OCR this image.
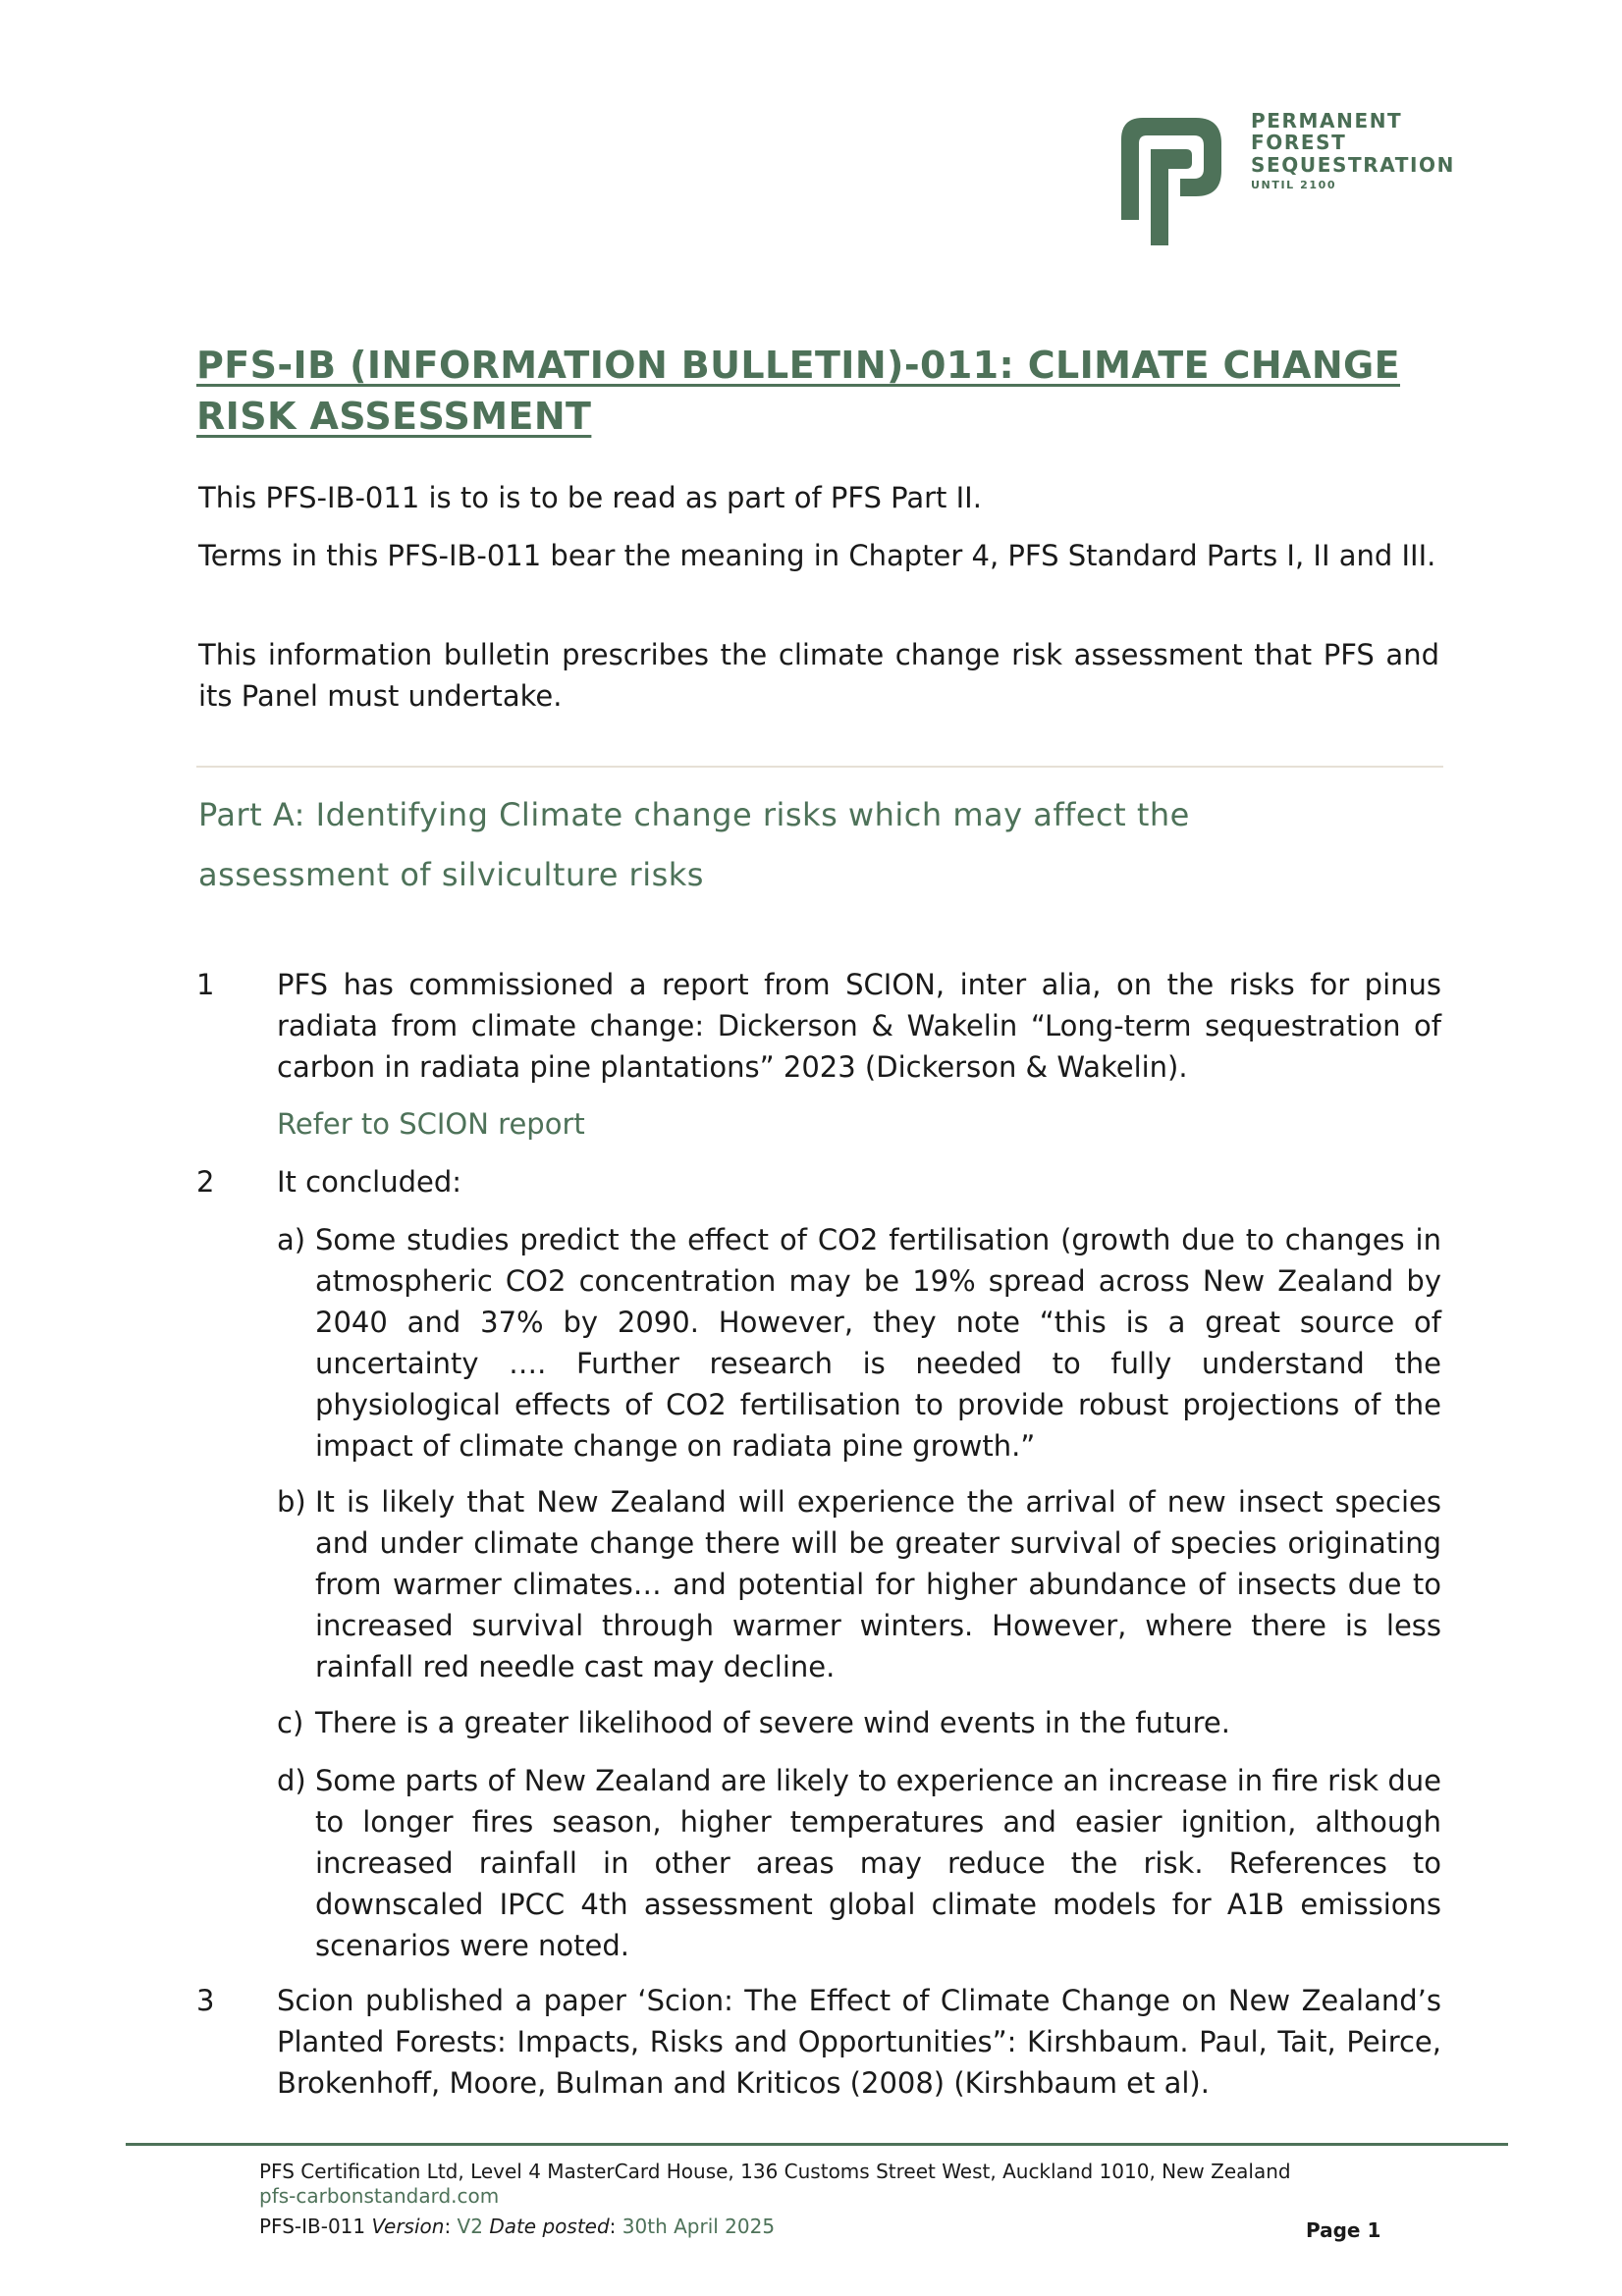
PERMANENT
FOREST
SEQUESTRATION
UNTIL 2100
PFS-IB (INFORMATION BULLETIN)-011: CLIMATE CHANGE RISK ASSESSMENT

This PFS-IB-011 is to is to be read as part of PFS Part II.

Terms in this PFS-IB-011 bear the meaning in Chapter 4, PFS Standard Parts I, II and III.

This information bulletin prescribes the climate change risk assessment that PFS and its Panel must undertake.

Part A: Identifying Climate change risks which may affect the assessment of silviculture risks
1 PFS has commissioned a report from SCION, inter alia, on the risks for pinus radiata from climate change: Dickerson & Wakelin “Long-term sequestration of carbon in radiata pine plantations” 2023 (Dickerson & Wakelin).

Refer to SCION report
2 It concluded:

a) Some studies predict the effect of CO2 fertilisation (growth due to changes in atmospheric CO2 concentration may be 19% spread across New Zealand by 2040 and 37% by 2090. However, they note “this is a great source of uncertainty …. Further research is needed to fully understand the physiological effects of CO2 fertilisation to provide robust projections of the impact of climate change on radiata pine growth.”

b) It is likely that New Zealand will experience the arrival of new insect species and under climate change there will be greater survival of species originating from warmer climates… and potential for higher abundance of insects due to increased survival through warmer winters. However, where there is less rainfall red needle cast may decline.

c) There is a greater likelihood of severe wind events in the future.

d) Some parts of New Zealand are likely to experience an increase in fire risk due to longer fires season, higher temperatures and easier ignition, although increased rainfall in other areas may reduce the risk. References to downscaled IPCC 4th assessment global climate models for A1B emissions scenarios were noted.

3 Scion published a paper ‘Scion: The Effect of Climate Change on New Zealand’s Planted Forests: Impacts, Risks and Opportunities”: Kirshbaum. Paul, Tait, Peirce, Brokenhoff, Moore, Bulman and Kriticos (2008) (Kirshbaum et al).

PFS Certification Ltd, Level 4 MasterCard House, 136 Customs Street West, Auckland 1010, New Zealand
pfs-carbonstandard.com
PFS-IB-011 Version: V2 Date posted: 30th April 2025	Page 1
